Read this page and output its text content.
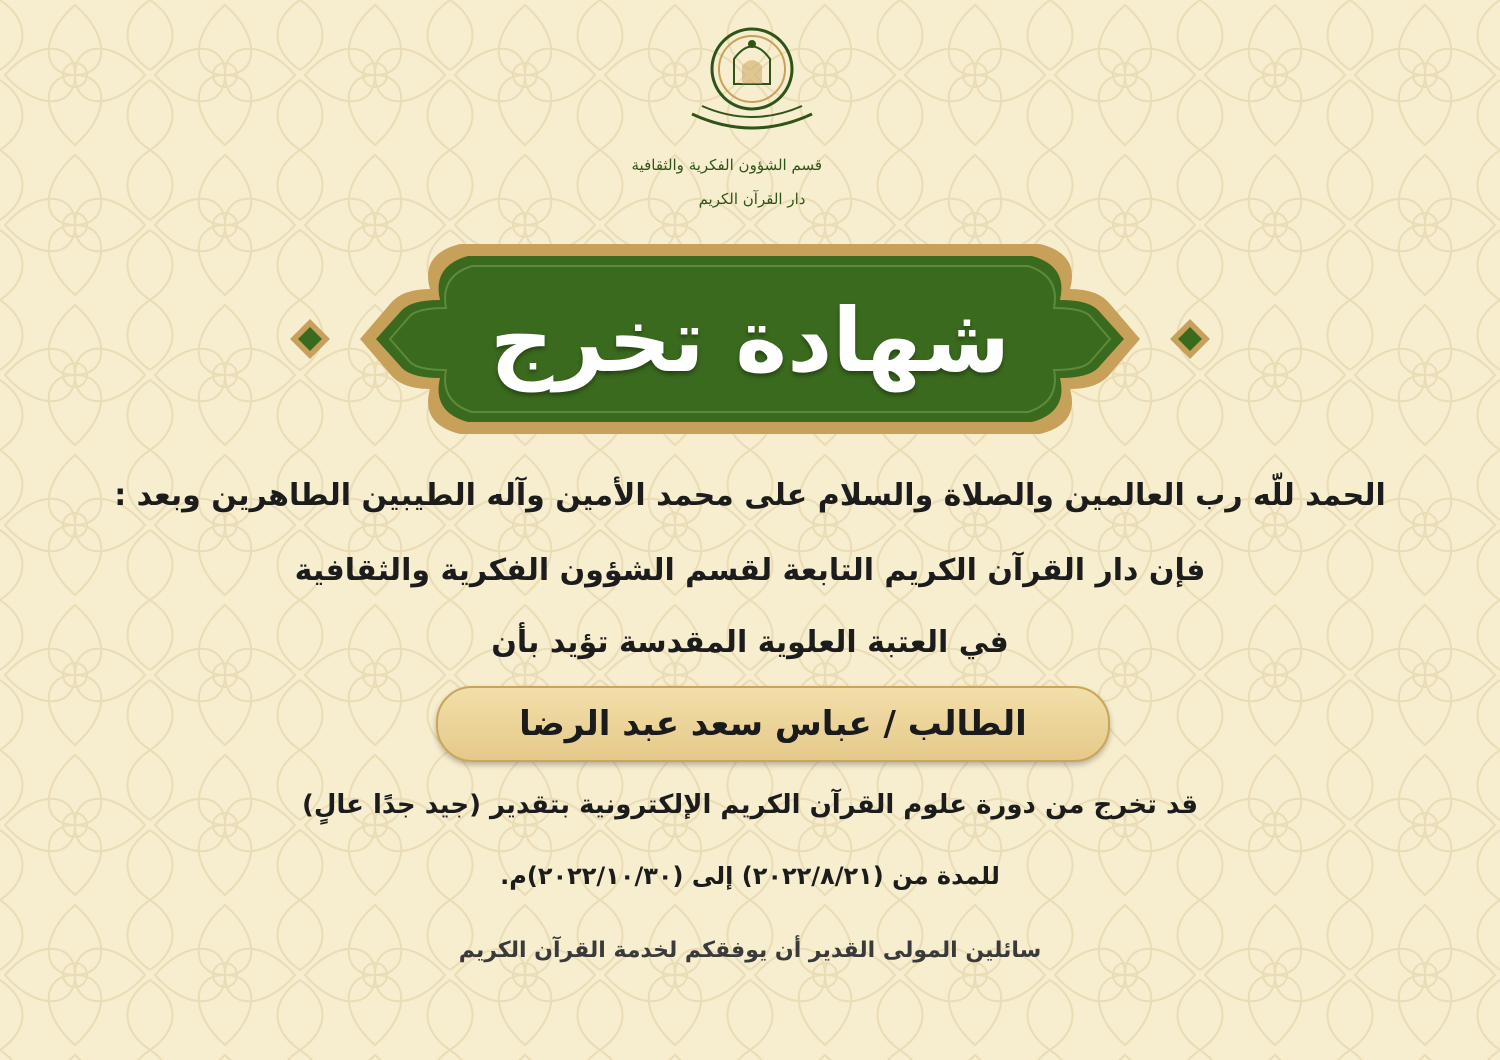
قسم الشؤون الفكرية والثقافية
دار القرآن الكريم
شهادة تخرج
الحمد للّه رب العالمين والصلاة والسلام على محمد الأمين وآله الطيبين الطاهرين وبعد :
فإن دار القرآن الكريم التابعة لقسم الشؤون الفكرية والثقافية
في العتبة العلوية المقدسة تؤيد بأن
الطالب / عباس سعد عبد الرضا
قد تخرج من دورة علوم القرآن الكريم الإلكترونية بتقدير (جيد جدًا عالٍ)
للمدة من (٢٠٢٢/٨/٢١) إلى (٢٠٢٢/١٠/٣٠)م.
سائلين المولى القدير أن يوفقكم لخدمة القرآن الكريم
